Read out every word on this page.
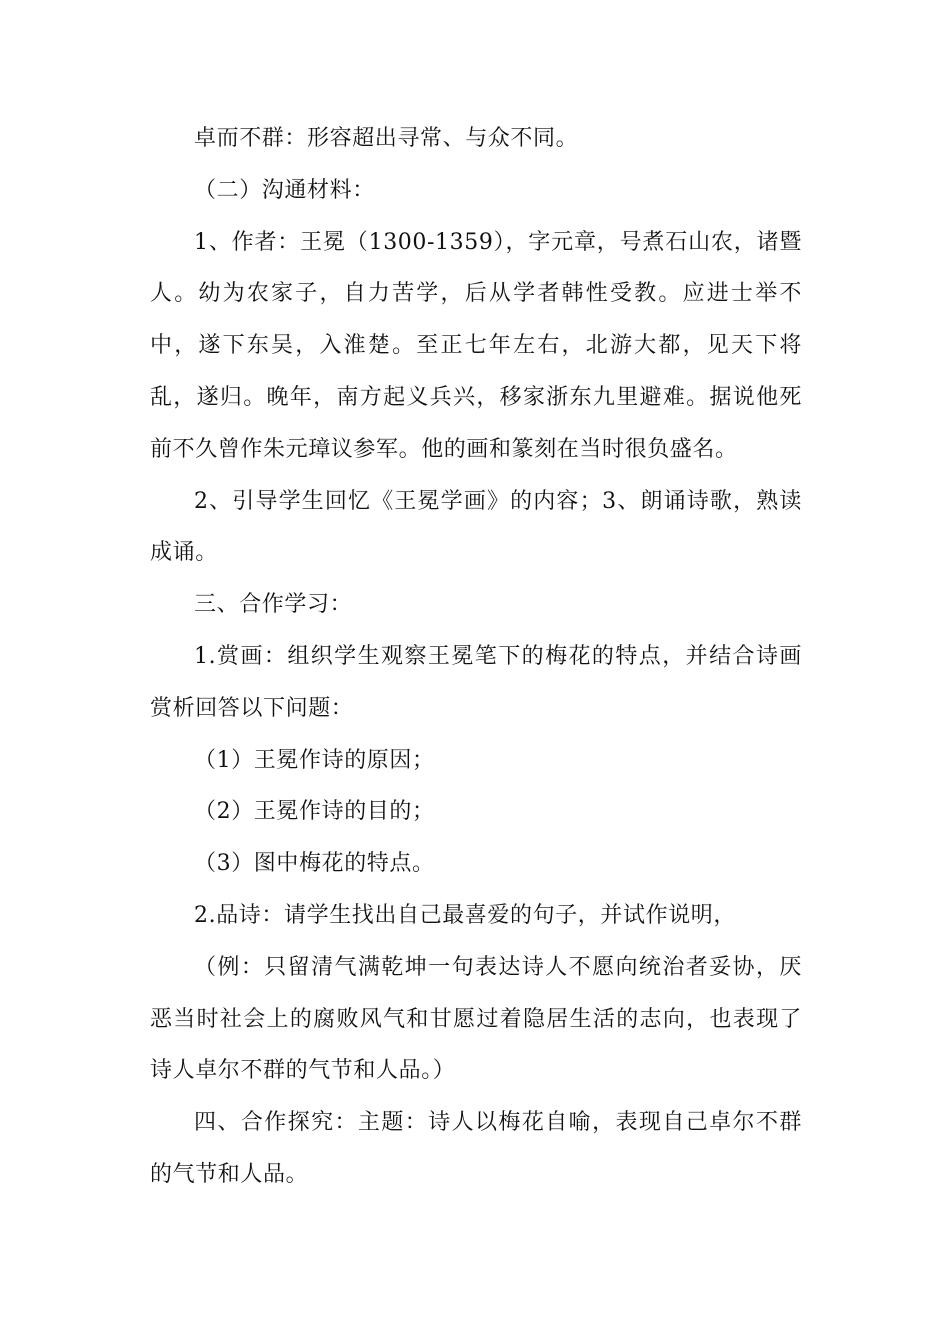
卓而不群：形容超出寻常、与众不同。

（二）沟通材料：

1、作者：王冕（1300-1359），字元章，号煮石山农，诸暨人。幼为农家子，自力苦学，后从学者韩性受教。应进士举不中，遂下东吴，入淮楚。至正七年左右，北游大都，见天下将乱，遂归。晚年，南方起义兵兴，移家浙东九里避难。据说他死前不久曾作朱元璋议参军。他的画和篆刻在当时很负盛名。

2、引导学生回忆《王冕学画》的内容；3、朗诵诗歌，熟读成诵。

三、合作学习：

1.赏画：组织学生观察王冕笔下的梅花的特点，并结合诗画赏析回答以下问题：

（1）王冕作诗的原因；

（2）王冕作诗的目的；

（3）图中梅花的特点。

2.品诗：请学生找出自己最喜爱的句子，并试作说明，

（例：只留清气满乾坤一句表达诗人不愿向统治者妥协，厌恶当时社会上的腐败风气和甘愿过着隐居生活的志向，也表现了诗人卓尔不群的气节和人品。）

四、合作探究：主题：诗人以梅花自喻，表现自己卓尔不群的气节和人品。
